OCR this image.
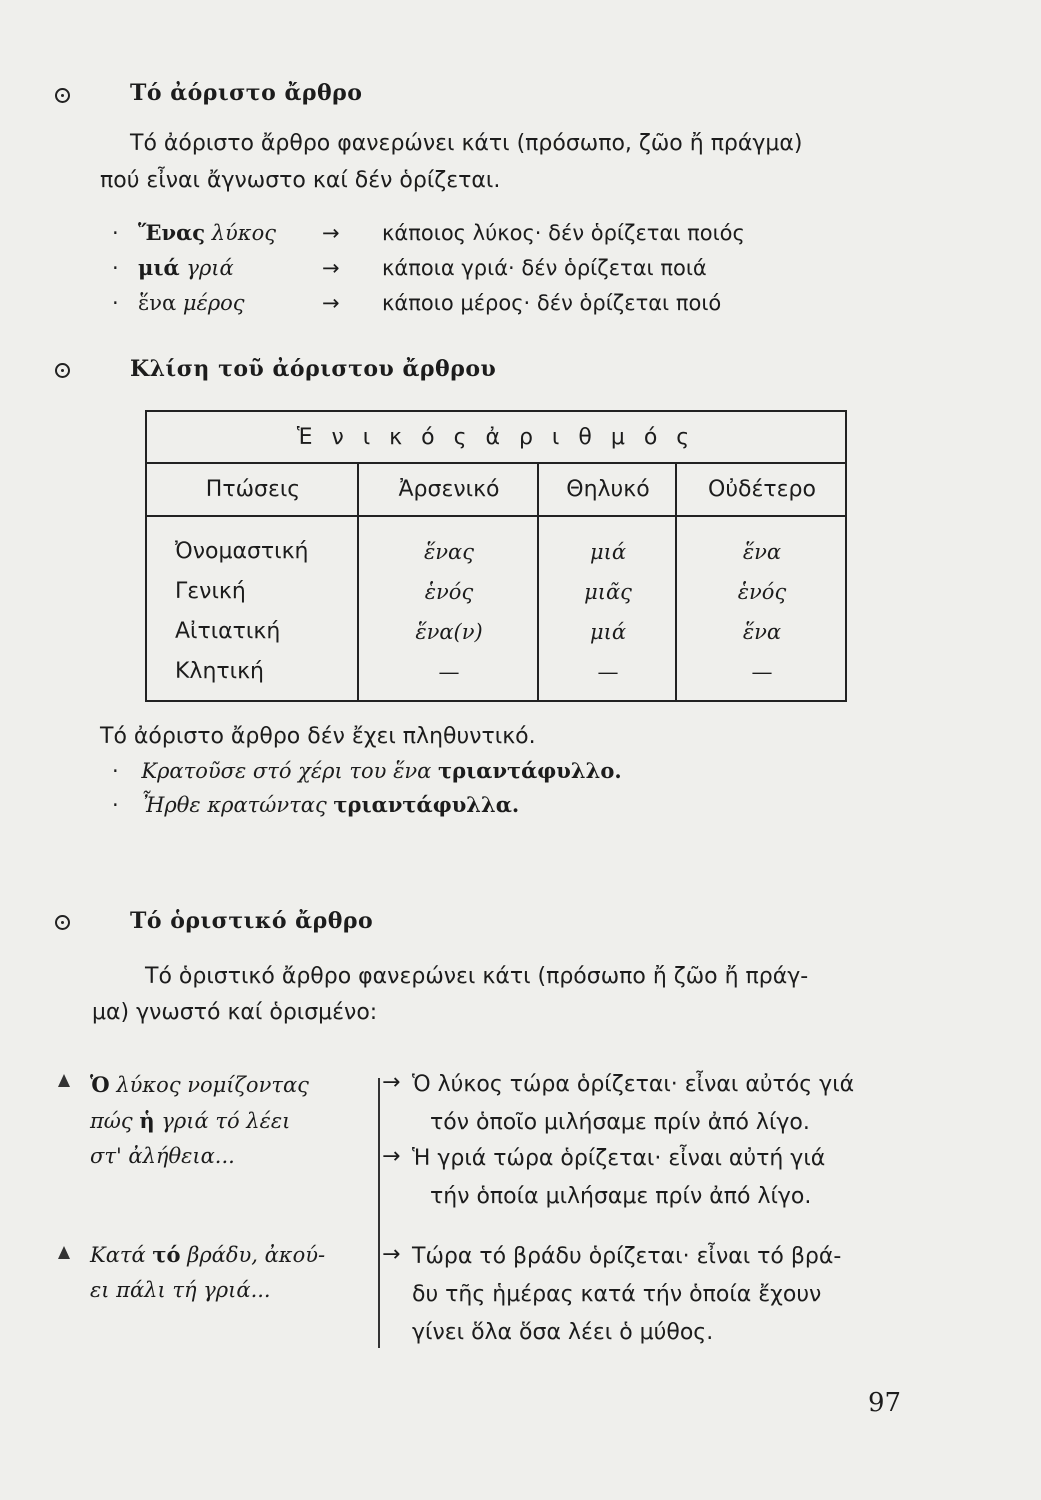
Τό ἀόριστο ἄρθρο
Τό ἀόριστο ἄρθρο φανερώνει κάτι (πρόσωπο, ζῶο ἤ πράγμα)
πού εἶναι ἄγνωστο καί δέν ὁρίζεται.
· Ἕνας λύκος → κάποιος λύκος· δέν ὁρίζεται ποιός
· μιά γριά	→ κάποια γριά· δέν ὁρίζεται ποιά
· ἕνα μέρος	→ κάποιο μέρος· δέν ὁρίζεται ποιό
Κλίση τοῦ ἀόριστου ἄρθρου
Ἑ ν ι κ ό ς ἀ ρ ι θ μ ό ς
Πτώσεις	Ἀρσενικό	Θηλυκό	Οὐδέτερο
Ὀνομαστική	ἕνας	μιά	ἕνα
Γενική	ἑνός	μιᾶς	ἑνός
Αἰτιατική	ἕνα(ν)	μιά	ἕνα
Κλητική	—	—	—
Τό ἀόριστο ἄρθρο δέν ἔχει πληθυντικό.
· Κρατοῦσε στό χέρι του ἕνα τριαντάφυλλο.
· Ἦρθε κρατώντας τριαντάφυλλα.
Τό ὁριστικό ἄρθρο
Τό ὁριστικό ἄρθρο φανερώνει κάτι (πρόσωπο ἤ ζῶο ἤ πράγ-
μα) γνωστό καί ὁρισμένο:
Ὁ λύκος νομίζοντας
πώς ἡ γριά τό λέει
στ' ἀλήθεια...
→ Ὁ λύκος τώρα ὁρίζεται· εἶναι αὐτός γιά
τόν ὁποῖο μιλήσαμε πρίν ἀπό λίγο.
→ Ἡ γριά τώρα ὁρίζεται· εἶναι αὐτή γιά
τήν ὁποία μιλήσαμε πρίν ἀπό λίγο.
Κατά τό βράδυ, ἀκού-
ει πάλι τή γριά...
→ Τώρα τό βράδυ ὁρίζεται· εἶναι τό βρά-
δυ τῆς ἡμέρας κατά τήν ὁποία ἔχουν
γίνει ὅλα ὅσα λέει ὁ μύθος.
97
